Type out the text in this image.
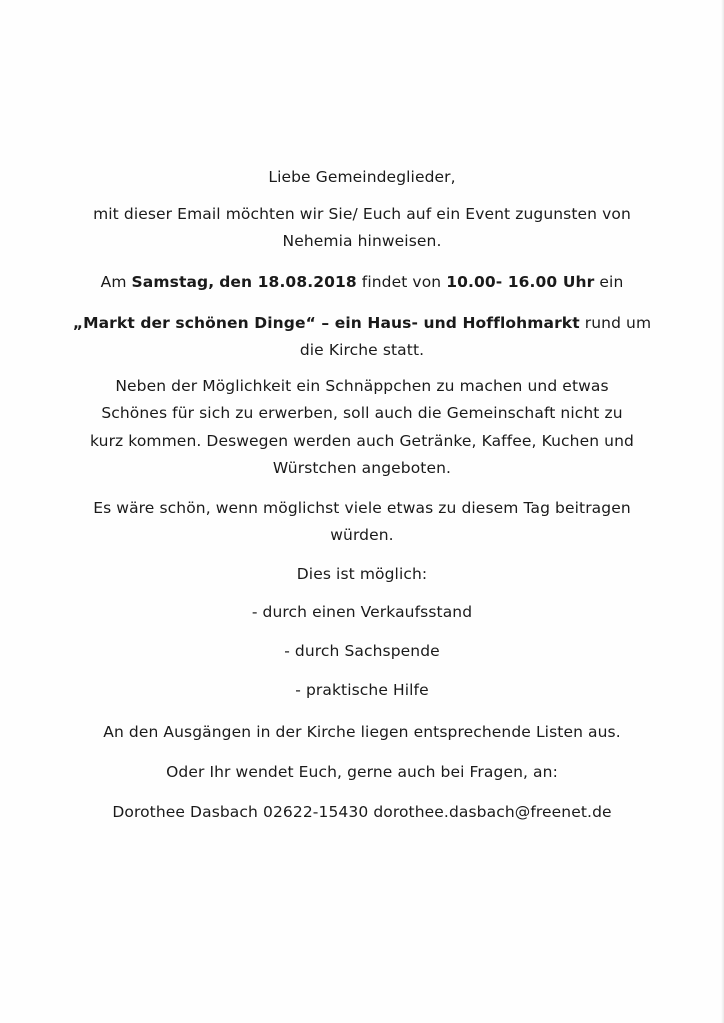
Liebe Gemeindeglieder,
mit dieser Email möchten wir Sie/ Euch auf ein Event zugunsten von
Nehemia hinweisen.
Am Samstag, den 18.08.2018 findet von 10.00- 16.00 Uhr ein
„Markt der schönen Dinge“ – ein Haus- und Hofflohmarkt rund um
die Kirche statt.
Neben der Möglichkeit ein Schnäppchen zu machen und etwas
Schönes für sich zu erwerben, soll auch die Gemeinschaft nicht zu
kurz kommen. Deswegen werden auch Getränke, Kaffee, Kuchen und
Würstchen angeboten.
Es wäre schön, wenn möglichst viele etwas zu diesem Tag beitragen
würden.
Dies ist möglich:
- durch einen Verkaufsstand
- durch Sachspende
- praktische Hilfe
An den Ausgängen in der Kirche liegen entsprechende Listen aus.
Oder Ihr wendet Euch, gerne auch bei Fragen, an:
Dorothee Dasbach 02622-15430 dorothee.dasbach@freenet.de
